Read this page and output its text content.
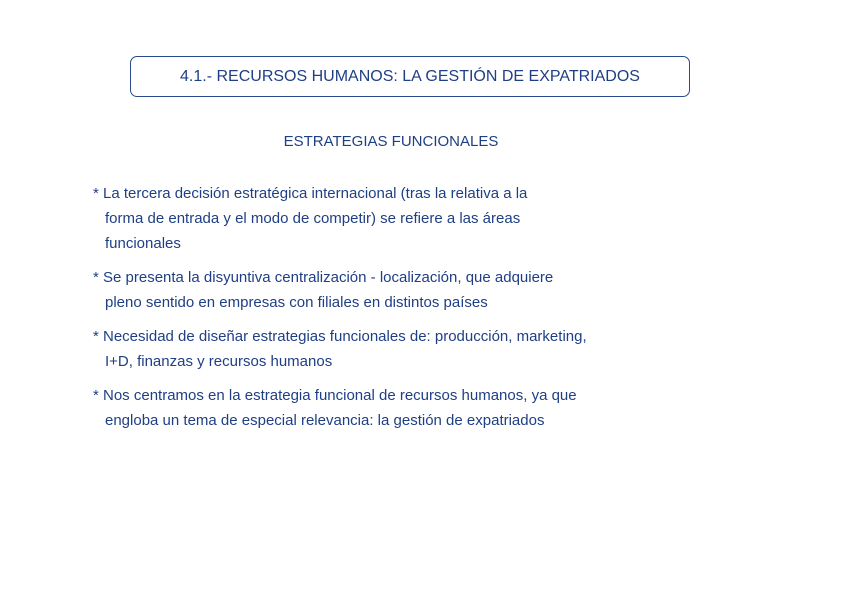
4.1.- RECURSOS HUMANOS: LA GESTIÓN DE EXPATRIADOS
ESTRATEGIAS FUNCIONALES
* La tercera decisión estratégica internacional (tras la relativa a la
forma de entrada y el modo de competir) se refiere a las áreas
funcionales
* Se presenta la disyuntiva centralización - localización, que adquiere
pleno sentido en empresas con filiales en distintos países
* Necesidad de diseñar estrategias funcionales de: producción, marketing,
I+D, finanzas y recursos humanos
* Nos centramos en la estrategia funcional de recursos humanos, ya que
engloba un tema de especial relevancia: la gestión de expatriados
